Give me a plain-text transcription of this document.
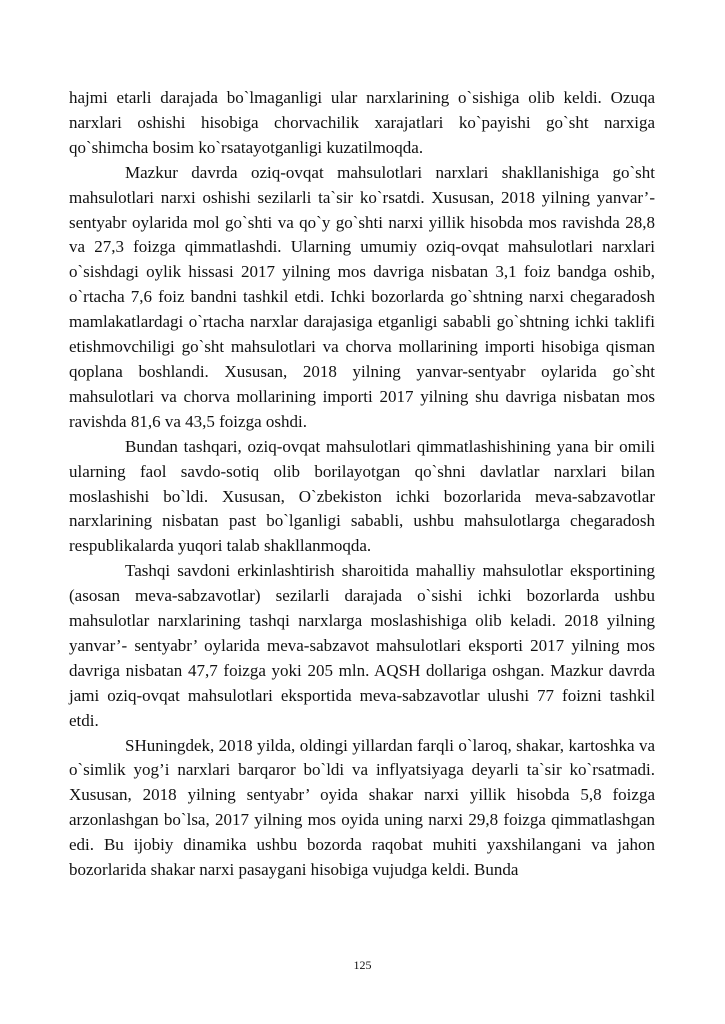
hajmi etarli darajada bo`lmaganligi ular narxlarining o`sishiga olib keldi. Ozuqa narxlari oshishi hisobiga chorvachilik xarajatlari ko`payishi go`sht narxiga qo`shimcha bosim ko`rsatayotganligi kuzatilmoqda.

Mazkur davrda oziq-ovqat mahsulotlari narxlari shakllanishiga go`sht mahsulotlari narxi oshishi sezilarli ta`sir ko`rsatdi. Xususan, 2018 yilning yanvar’-sentyabr oylarida mol go`shti va qo`y go`shti narxi yillik hisobda mos ravishda 28,8 va 27,3 foizga qimmatlashdi. Ularning umumiy oziq-ovqat mahsulotlari narxlari o`sishdagi oylik hissasi 2017 yilning mos davriga nisbatan 3,1 foiz bandga oshib, o`rtacha 7,6 foiz bandni tashkil etdi. Ichki bozorlarda go`shtning narxi chegaradosh mamlakatlardagi o`rtacha narxlar darajasiga etganligi sababli go`shtning ichki taklifi etishmovchiligi go`sht mahsulotlari va chorva mollarining importi hisobiga qisman qoplana boshlandi. Xususan, 2018 yilning yanvar-sentyabr oylarida go`sht mahsulotlari va chorva mollarining importi 2017 yilning shu davriga nisbatan mos ravishda 81,6 va 43,5 foizga oshdi.

Bundan tashqari, oziq-ovqat mahsulotlari qimmatlashishining yana bir omili ularning faol savdo-sotiq olib borilayotgan qo`shni davlatlar narxlari bilan moslashishi bo`ldi. Xususan, O`zbekiston ichki bozorlarida meva-sabzavotlar narxlarining nisbatan past bo`lganligi sababli, ushbu mahsulotlarga chegaradosh respublikalarda yuqori talab shakllanmoqda.

Tashqi savdoni erkinlashtirish sharoitida mahalliy mahsulotlar eksportining (asosan meva-sabzavotlar) sezilarli darajada o`sishi ichki bozorlarda ushbu mahsulotlar narxlarining tashqi narxlarga moslashishiga olib keladi. 2018 yilning yanvar’- sentyabr’ oylarida meva-sabzavot mahsulotlari eksporti 2017 yilning mos davriga nisbatan 47,7 foizga yoki 205 mln. AQSH dollariga oshgan. Mazkur davrda jami oziq-ovqat mahsulotlari eksportida meva-sabzavotlar ulushi 77 foizni tashkil etdi.

SHuningdek, 2018 yilda, oldingi yillardan farqli o`laroq, shakar, kartoshka va o`simlik yog’i narxlari barqaror bo`ldi va inflyatsiyaga deyarli ta`sir ko`rsatmadi. Xususan, 2018 yilning sentyabr’ oyida shakar narxi yillik hisobda 5,8 foizga arzonlashgan bo`lsa, 2017 yilning mos oyida uning narxi 29,8 foizga qimmatlashgan edi. Bu ijobiy dinamika ushbu bozorda raqobat muhiti yaxshilangani va jahon bozorlarida shakar narxi pasaygani hisobiga vujudga keldi. Bunda

125
